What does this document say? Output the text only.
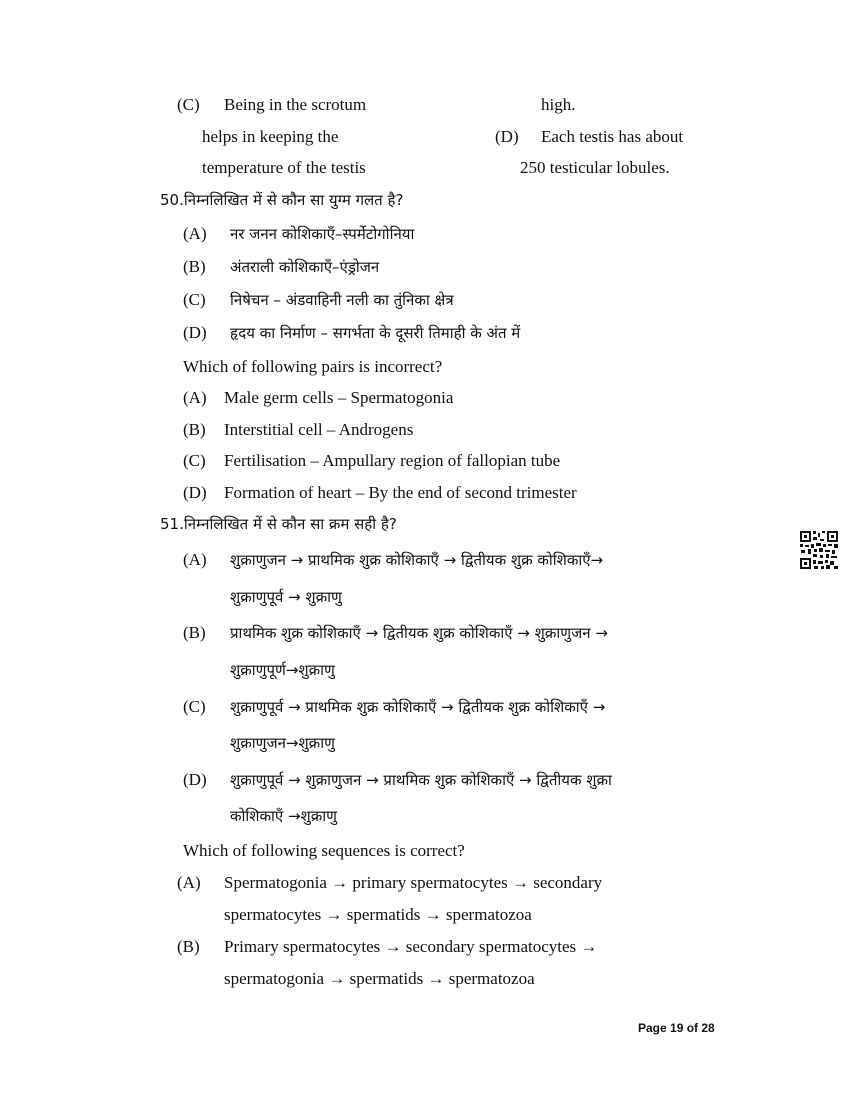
(C) Being in the scrotum	high.
helps in keeping the	(D) Each testis has about
temperature of the testis	250 testicular lobules.
50.निम्नलिखित में से कौन सा युग्म गलत है?
(A) नर जनन कोशिकाएँ–स्पर्मेटोगोनिया
(B) अंतराली कोशिकाएँ–एंड्रोजन
(C) निषेचन – अंडवाहिनी नली का तुंनिका क्षेत्र
(D) हृदय का निर्माण – सगर्भता के दूसरी तिमाही के अंत में
Which of following pairs is incorrect?
(A) Male germ cells – Spermatogonia
(B) Interstitial cell – Androgens
(C) Fertilisation – Ampullary region of fallopian tube
(D) Formation of heart – By the end of second trimester
51.निम्नलिखित में से कौन सा क्रम सही है?
(A) शुक्राणुजन → प्राथमिक शुक्र कोशिकाएँ → द्वितीयक शुक्र कोशिकाएँ→
शुक्राणुपूर्व → शुक्राणु
(B) प्राथमिक शुक्र कोशिकाएँ → द्वितीयक शुक्र कोशिकाएँ → शुक्राणुजन →
शुक्राणुपूर्ण→शुक्राणु
(C) शुक्राणुपूर्व → प्राथमिक शुक्र कोशिकाएँ → द्वितीयक शुक्र कोशिकाएँ →
शुक्राणुजन→शुक्राणु
(D) शुक्राणुपूर्व → शुक्राणुजन → प्राथमिक शुक्र कोशिकाएँ → द्वितीयक शुक्रा
कोशिकाएँ →शुक्राणु
Which of following sequences is correct?
(A) Spermatogonia → primary spermatocytes → secondary
spermatocytes → spermatids → spermatozoa
(B) Primary spermatocytes → secondary spermatocytes →
spermatogonia → spermatids → spermatozoa
Page 19 of 28
